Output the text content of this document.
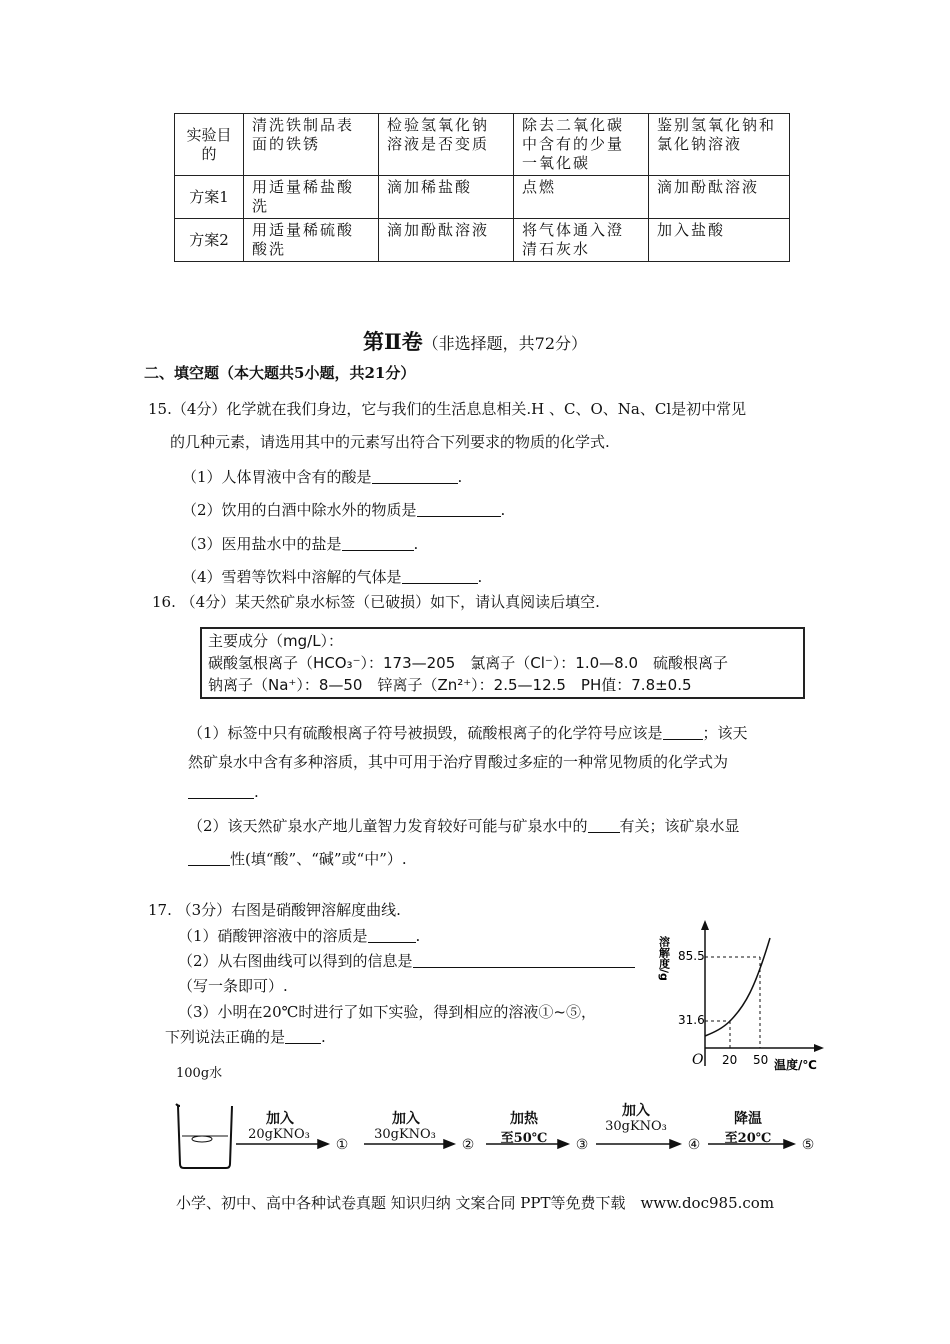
实验目的	清洗铁制品表面的铁锈	检验氢氧化钠溶液是否变质	除去二氧化碳中含有的少量一氧化碳	鉴别氢氧化钠和氯化钠溶液
方案1	用适量稀盐酸洗	滴加稀盐酸	点燃	滴加酚酞溶液
方案2	用适量稀硫酸酸洗	滴加酚酞溶液	将气体通入澄清石灰水	加入盐酸
第Ⅱ卷（非选择题，共72分）
二、填空题（本大题共5小题，共21分）
15.（4分）化学就在我们身边，它与我们的生活息息相关.H 、C、O、Na、Cl是初中常见
的几种元素，请选用其中的元素写出符合下列要求的物质的化学式.
（1）人体胃液中含有的酸是	.
（2）饮用的白酒中除水外的物质是	.
（3）医用盐水中的盐是	.
（4）雪碧等饮料中溶解的气体是	.
16. （4分）某天然矿泉水标签（已破损）如下，请认真阅读后填空.
主要成分（mg/L）：
碳酸氢根离子（HCO₃⁻）：173—205　氯离子（Cl⁻）：1.0—8.0　硫酸根离子
钠离子（Na⁺）：8—50　锌离子（Zn²⁺）：2.5—12.5　PH值：7.8±0.5
（1）标签中只有硫酸根离子符号被损毁，硫酸根离子的化学符号应该是	；该天
然矿泉水中含有多种溶质，其中可用于治疗胃酸过多症的一种常见物质的化学式为
.
（2）该天然矿泉水产地儿童智力发育较好可能与矿泉水中的 有关；该矿泉水显
性(填“酸”、“碱”或“中”）.
17. （3分）右图是硝酸钾溶解度曲线.
（1）硝酸钾溶液中的溶质是	.
（2）从右图曲线可以得到的信息是
（写一条即可）.
（3）小明在20℃时进行了如下实验，得到相应的溶液①~⑤，
下列说法正确的是 .
85.5
31.6
20 50
O	温度/℃
溶解度/g
100g水
加入
20gKNO₃
①
加入
30gKNO₃
②
加热
至50℃	③
加入
30gKNO₃
④
降温
至20℃	⑤
小学、初中、高中各种试卷真题 知识归纳 文案合同 PPT等免费下载　www.doc985.com
